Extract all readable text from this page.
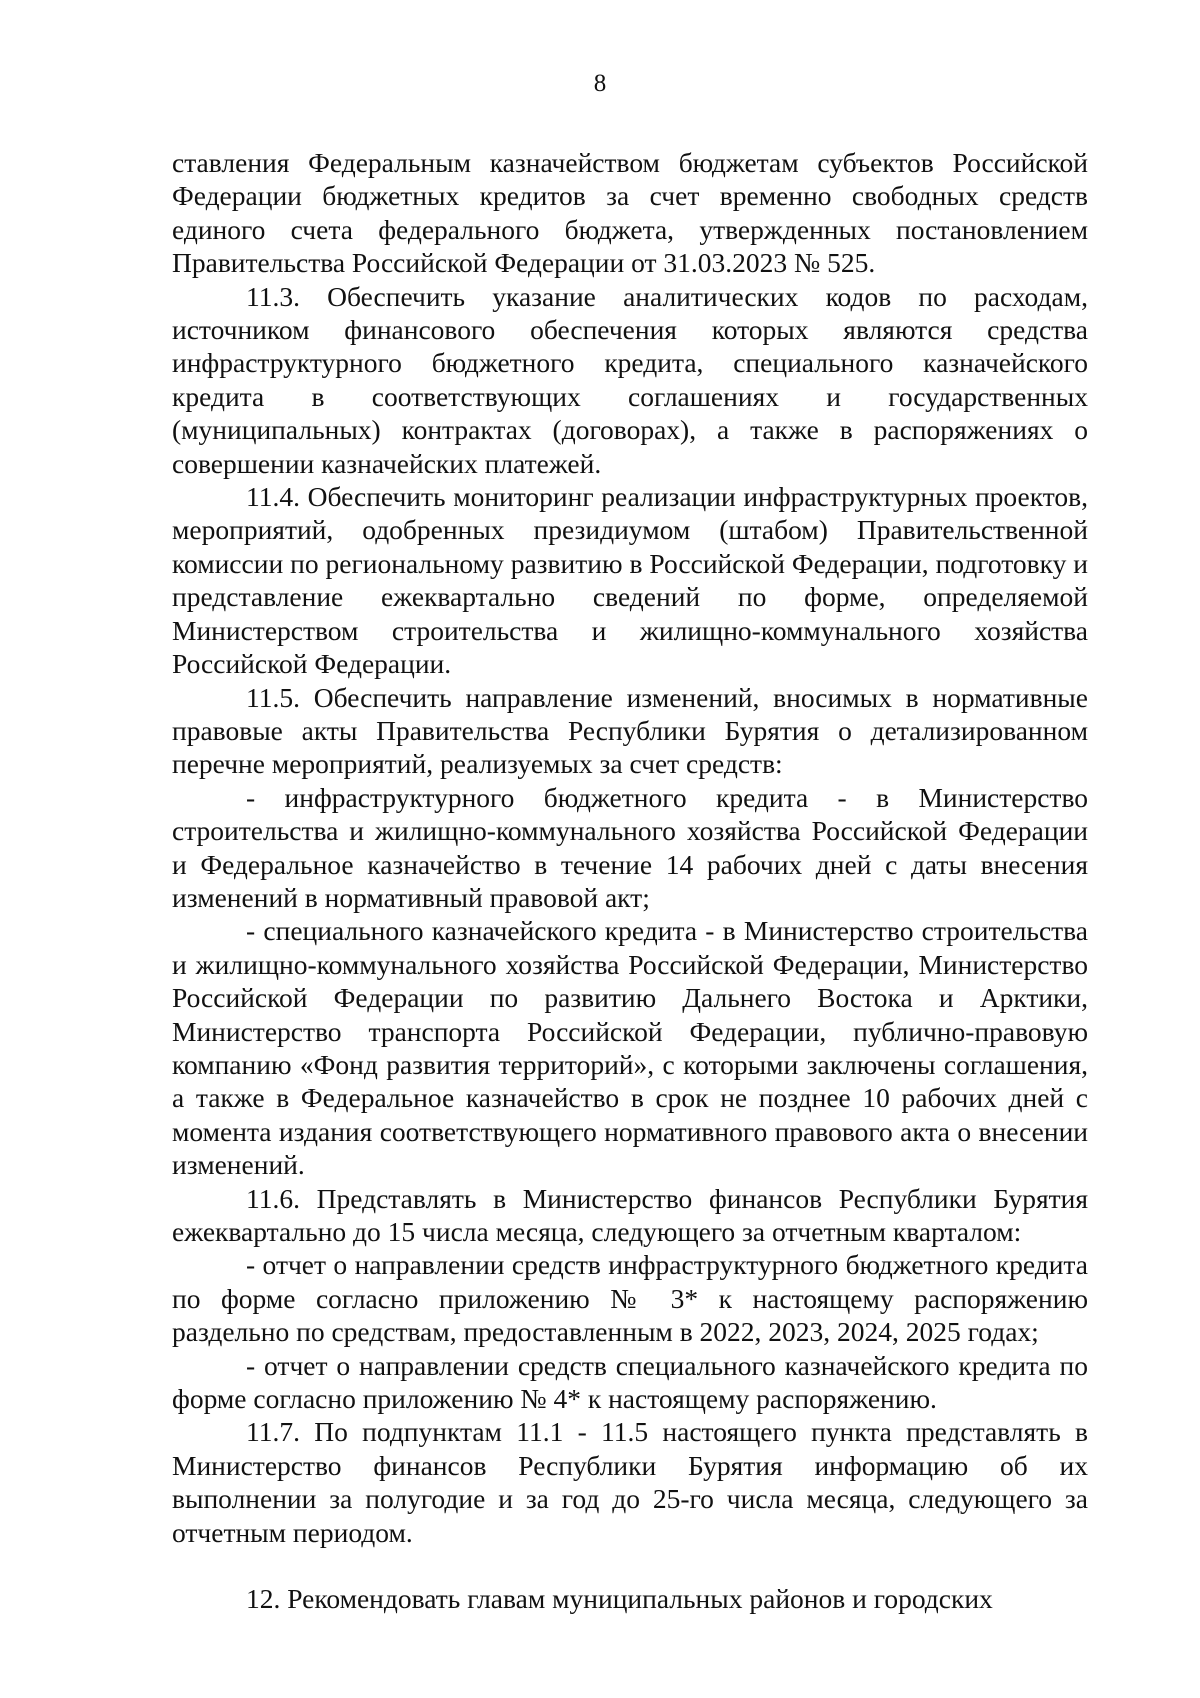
8

ставления Федеральным казначейством бюджетам субъектов Российской Федерации бюджетных кредитов за счет временно свободных средств единого счета федерального бюджета, утвержденных постановлением Правительства Российской Федерации от 31.03.2023 № 525.

11.3. Обеспечить указание аналитических кодов по расходам, источником финансового обеспечения которых являются средства инфраструктурного бюджетного кредита, специального казначейского кредита в соответствующих соглашениях и государственных (муниципальных) контрактах (договорах), а также в распоряжениях о совершении казначейских платежей.

11.4. Обеспечить мониторинг реализации инфраструктурных проектов, мероприятий, одобренных президиумом (штабом) Правительственной комиссии по региональному развитию в Российской Федерации, подготовку и представление ежеквартально сведений по форме, определяемой Министерством строительства и жилищно-коммунального хозяйства Российской Федерации.

11.5. Обеспечить направление изменений, вносимых в нормативные правовые акты Правительства Республики Бурятия о детализированном перечне мероприятий, реализуемых за счет средств:

- инфраструктурного бюджетного кредита - в Министерство строительства и жилищно-коммунального хозяйства Российской Федерации и Федеральное казначейство в течение 14 рабочих дней с даты внесения изменений в нормативный правовой акт;

- специального казначейского кредита - в Министерство строительства и жилищно-коммунального хозяйства Российской Федерации, Министерство Российской Федерации по развитию Дальнего Востока и Арктики, Министерство транспорта Российской Федерации, публично-правовую компанию «Фонд развития территорий», с которыми заключены соглашения, а также в Федеральное казначейство в срок не позднее 10 рабочих дней с момента издания соответствующего нормативного правового акта о внесении изменений.

11.6. Представлять в Министерство финансов Республики Бурятия ежеквартально до 15 числа месяца, следующего за отчетным кварталом:

- отчет о направлении средств инфраструктурного бюджетного кредита по форме согласно приложению № 3* к настоящему распоряжению раздельно по средствам, предоставленным в 2022, 2023, 2024, 2025 годах;

- отчет о направлении средств специального казначейского кредита по форме согласно приложению № 4* к настоящему распоряжению.

11.7. По подпунктам 11.1 - 11.5 настоящего пункта представлять в Министерство финансов Республики Бурятия информацию об их выполнении за полугодие и за год до 25-го числа месяца, следующего за отчетным периодом.

12. Рекомендовать главам муниципальных районов и городских
